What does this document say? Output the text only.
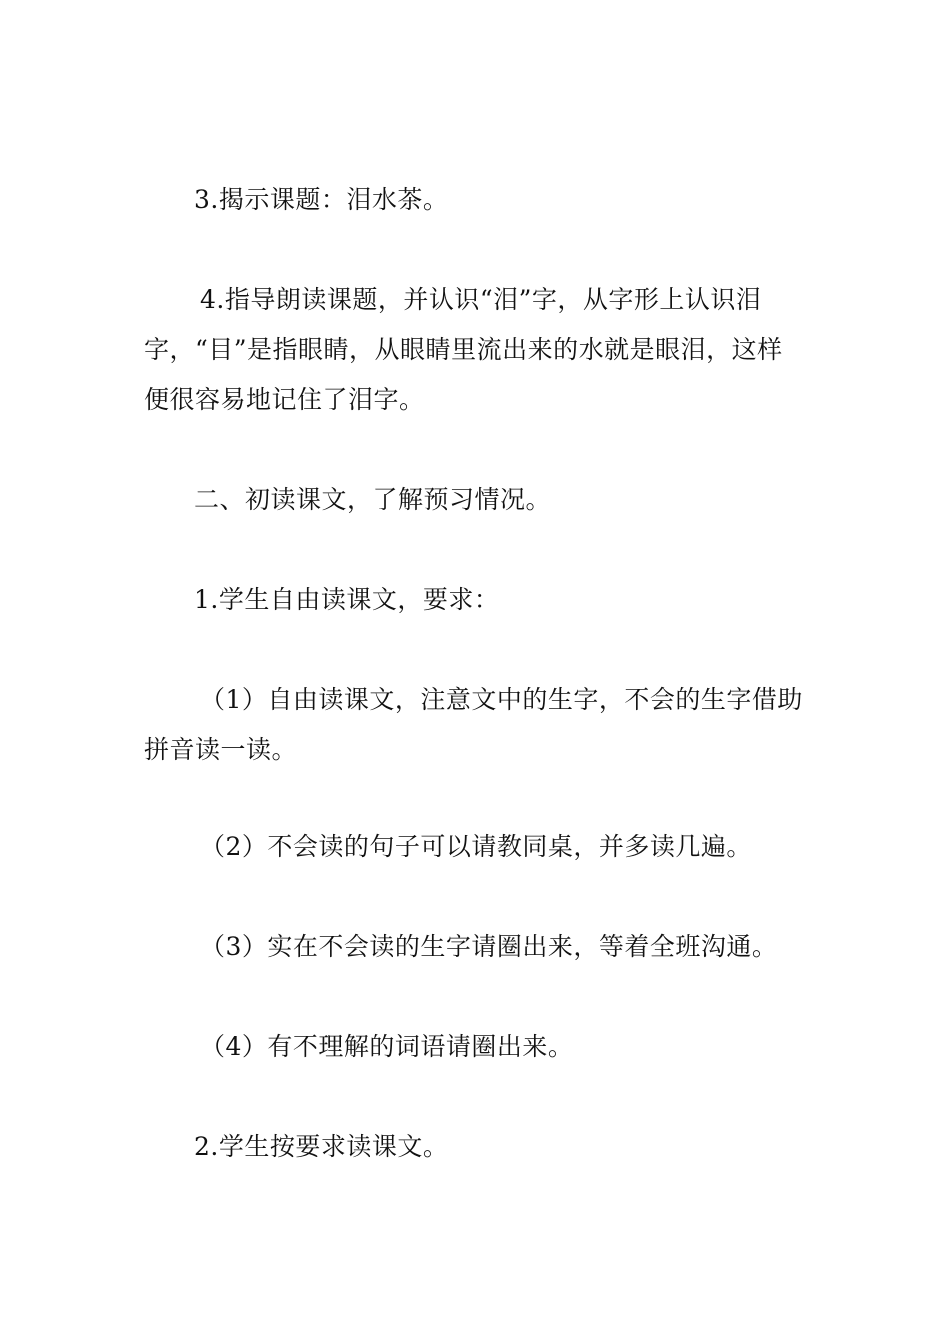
3.揭示课题：泪水茶。

4.指导朗读课题，并认识“泪”字，从字形上认识泪字，“目”是指眼睛，从眼睛里流出来的水就是眼泪，这样便很容易地记住了泪字。

二、初读课文，了解预习情况。

1.学生自由读课文，要求：

（1）自由读课文，注意文中的生字，不会的生字借助拼音读一读。

（2）不会读的句子可以请教同桌，并多读几遍。

（3）实在不会读的生字请圈出来，等着全班沟通。

（4）有不理解的词语请圈出来。

2.学生按要求读课文。
